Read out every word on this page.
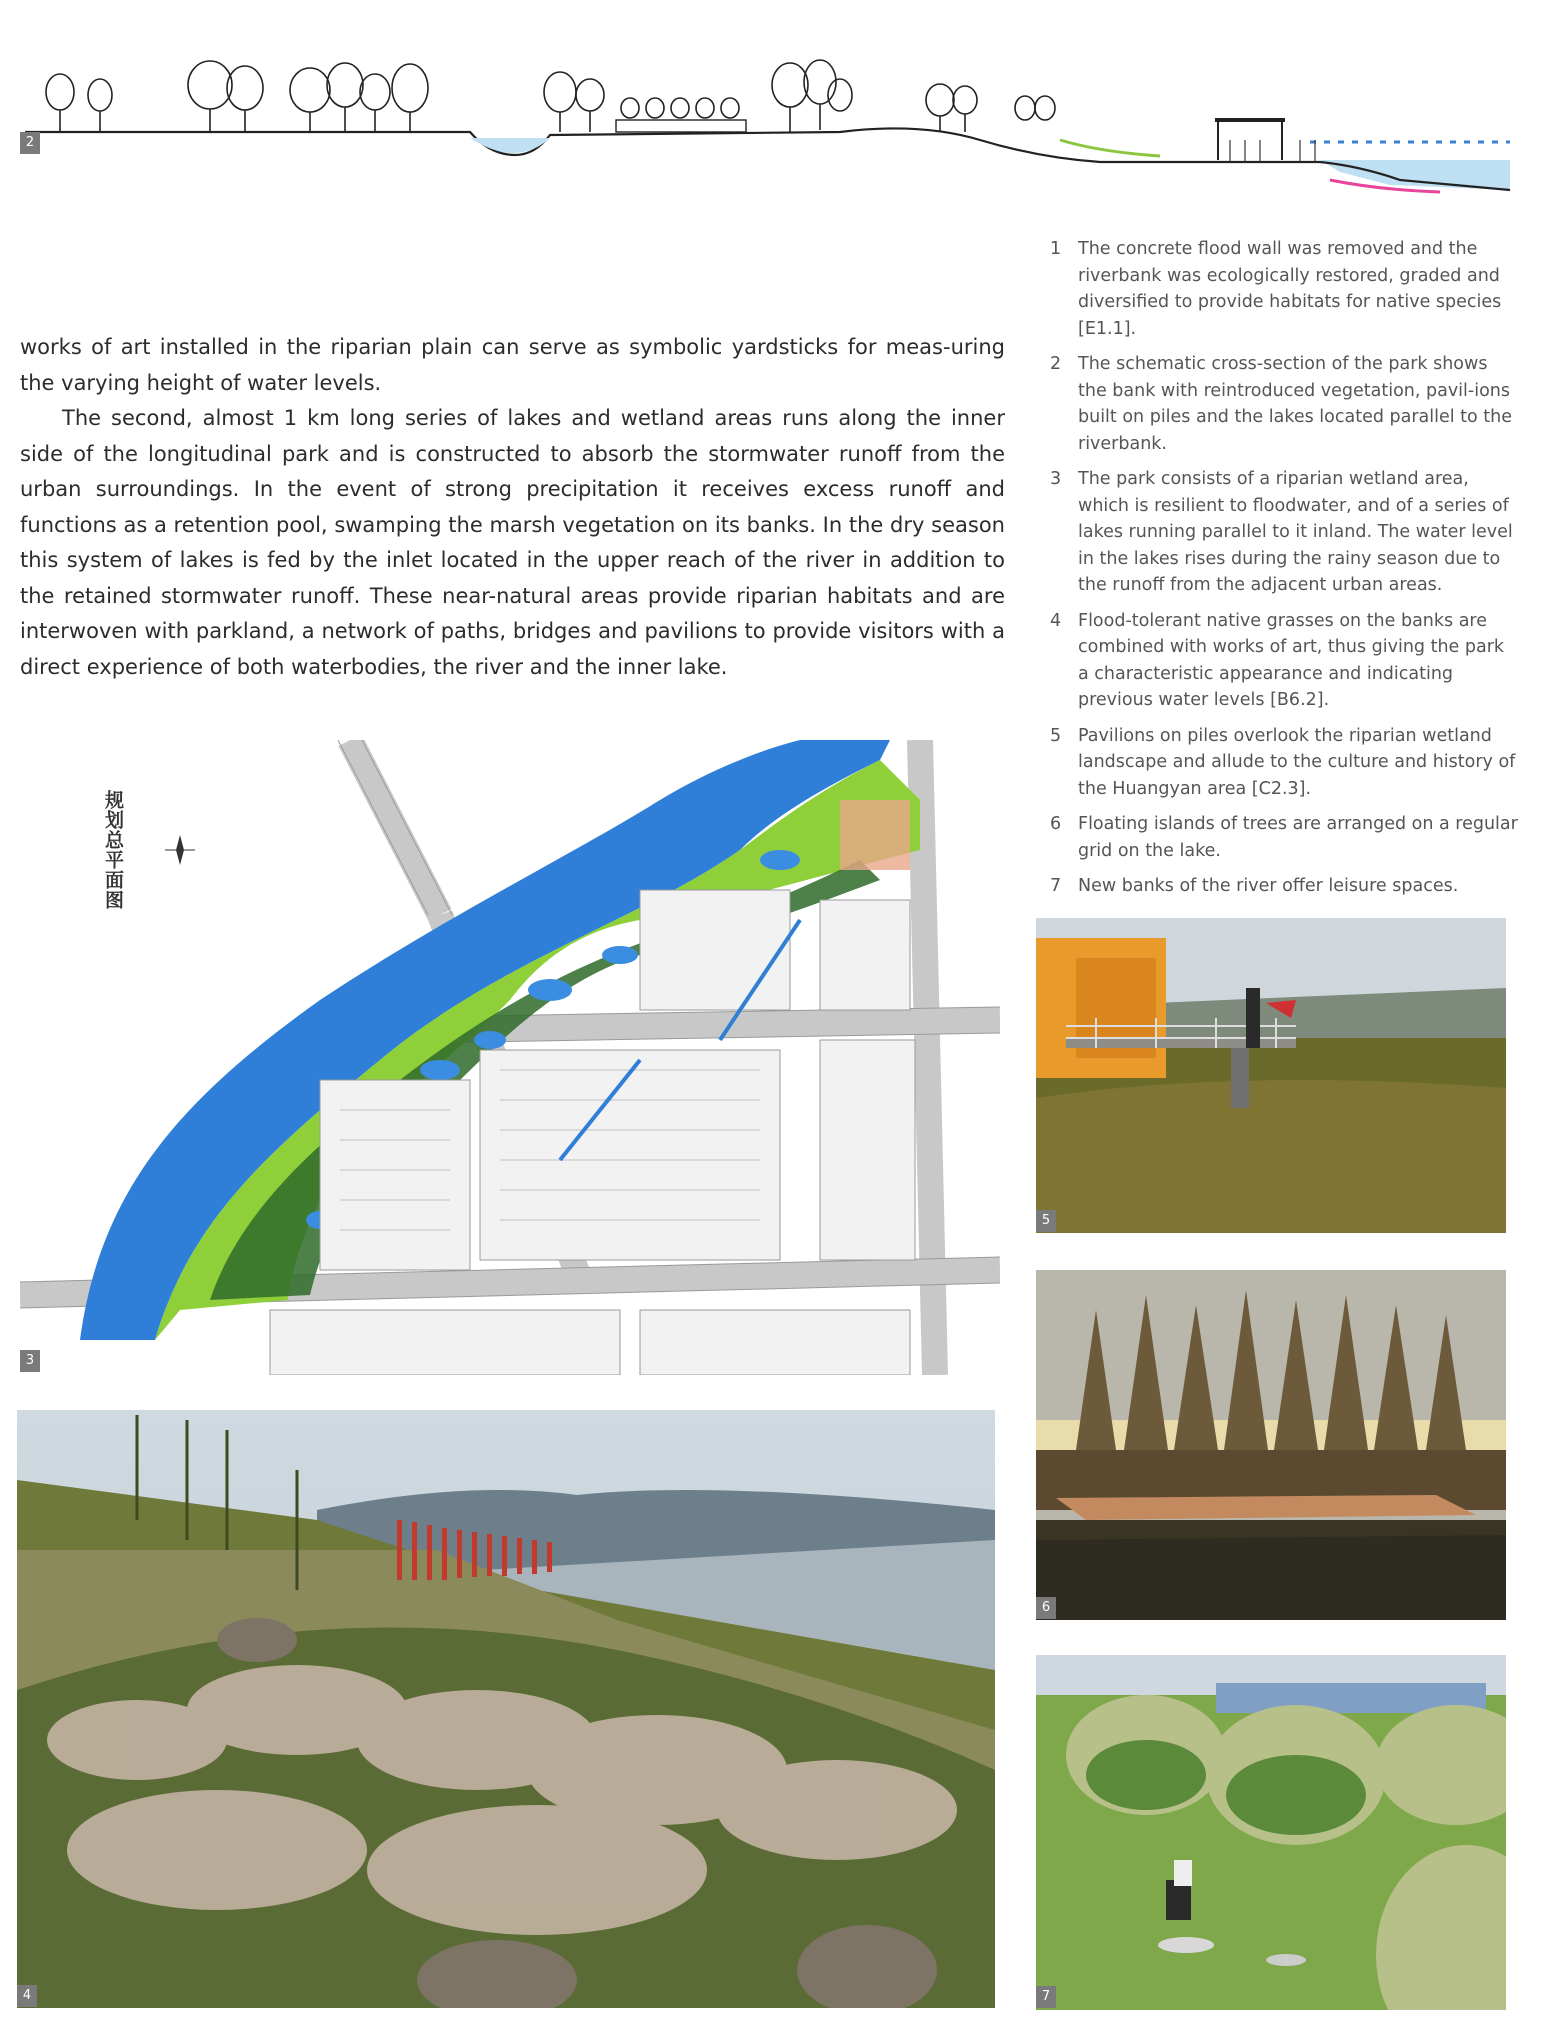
2

works of art installed in the riparian plain can serve as symbolic yardsticks for meas-uring the varying height of water levels.

The second, almost 1 km long series of lakes and wetland areas runs along the inner side of the longitudinal park and is constructed to absorb the stormwater runoff from the urban surroundings. In the event of strong precipitation it receives excess runoff and functions as a retention pool, swamping the marsh vegetation on its banks. In the dry season this system of lakes is fed by the inlet located in the upper reach of the river in addition to the retained stormwater runoff. These near-natural areas provide riparian habitats and are interwoven with parkland, a network of paths, bridges and pavilions to provide visitors with a direct experience of both waterbodies, the river and the inner lake.

1 The concrete flood wall was removed and the riverbank was ecologically restored, graded and diversified to provide habitats for native species [E1.1].
2 The schematic cross-section of the park shows the bank with reintroduced vegetation, pavil-ions built on piles and the lakes located parallel to the riverbank.
3 The park consists of a riparian wetland area, which is resilient to floodwater, and of a series of lakes running parallel to it inland. The water level in the lakes rises during the rainy season due to the runoff from the adjacent urban areas.
4 Flood-tolerant native grasses on the banks are combined with works of art, thus giving the park a characteristic appearance and indicating previous water levels [B6.2].
5 Pavilions on piles overlook the riparian wetland landscape and allude to the culture and history of the Huangyan area [C2.3].
6 Floating islands of trees are arranged on a regular grid on the lake.
7 New banks of the river offer leisure spaces.
规划总平面图
3
4
5
6
7
